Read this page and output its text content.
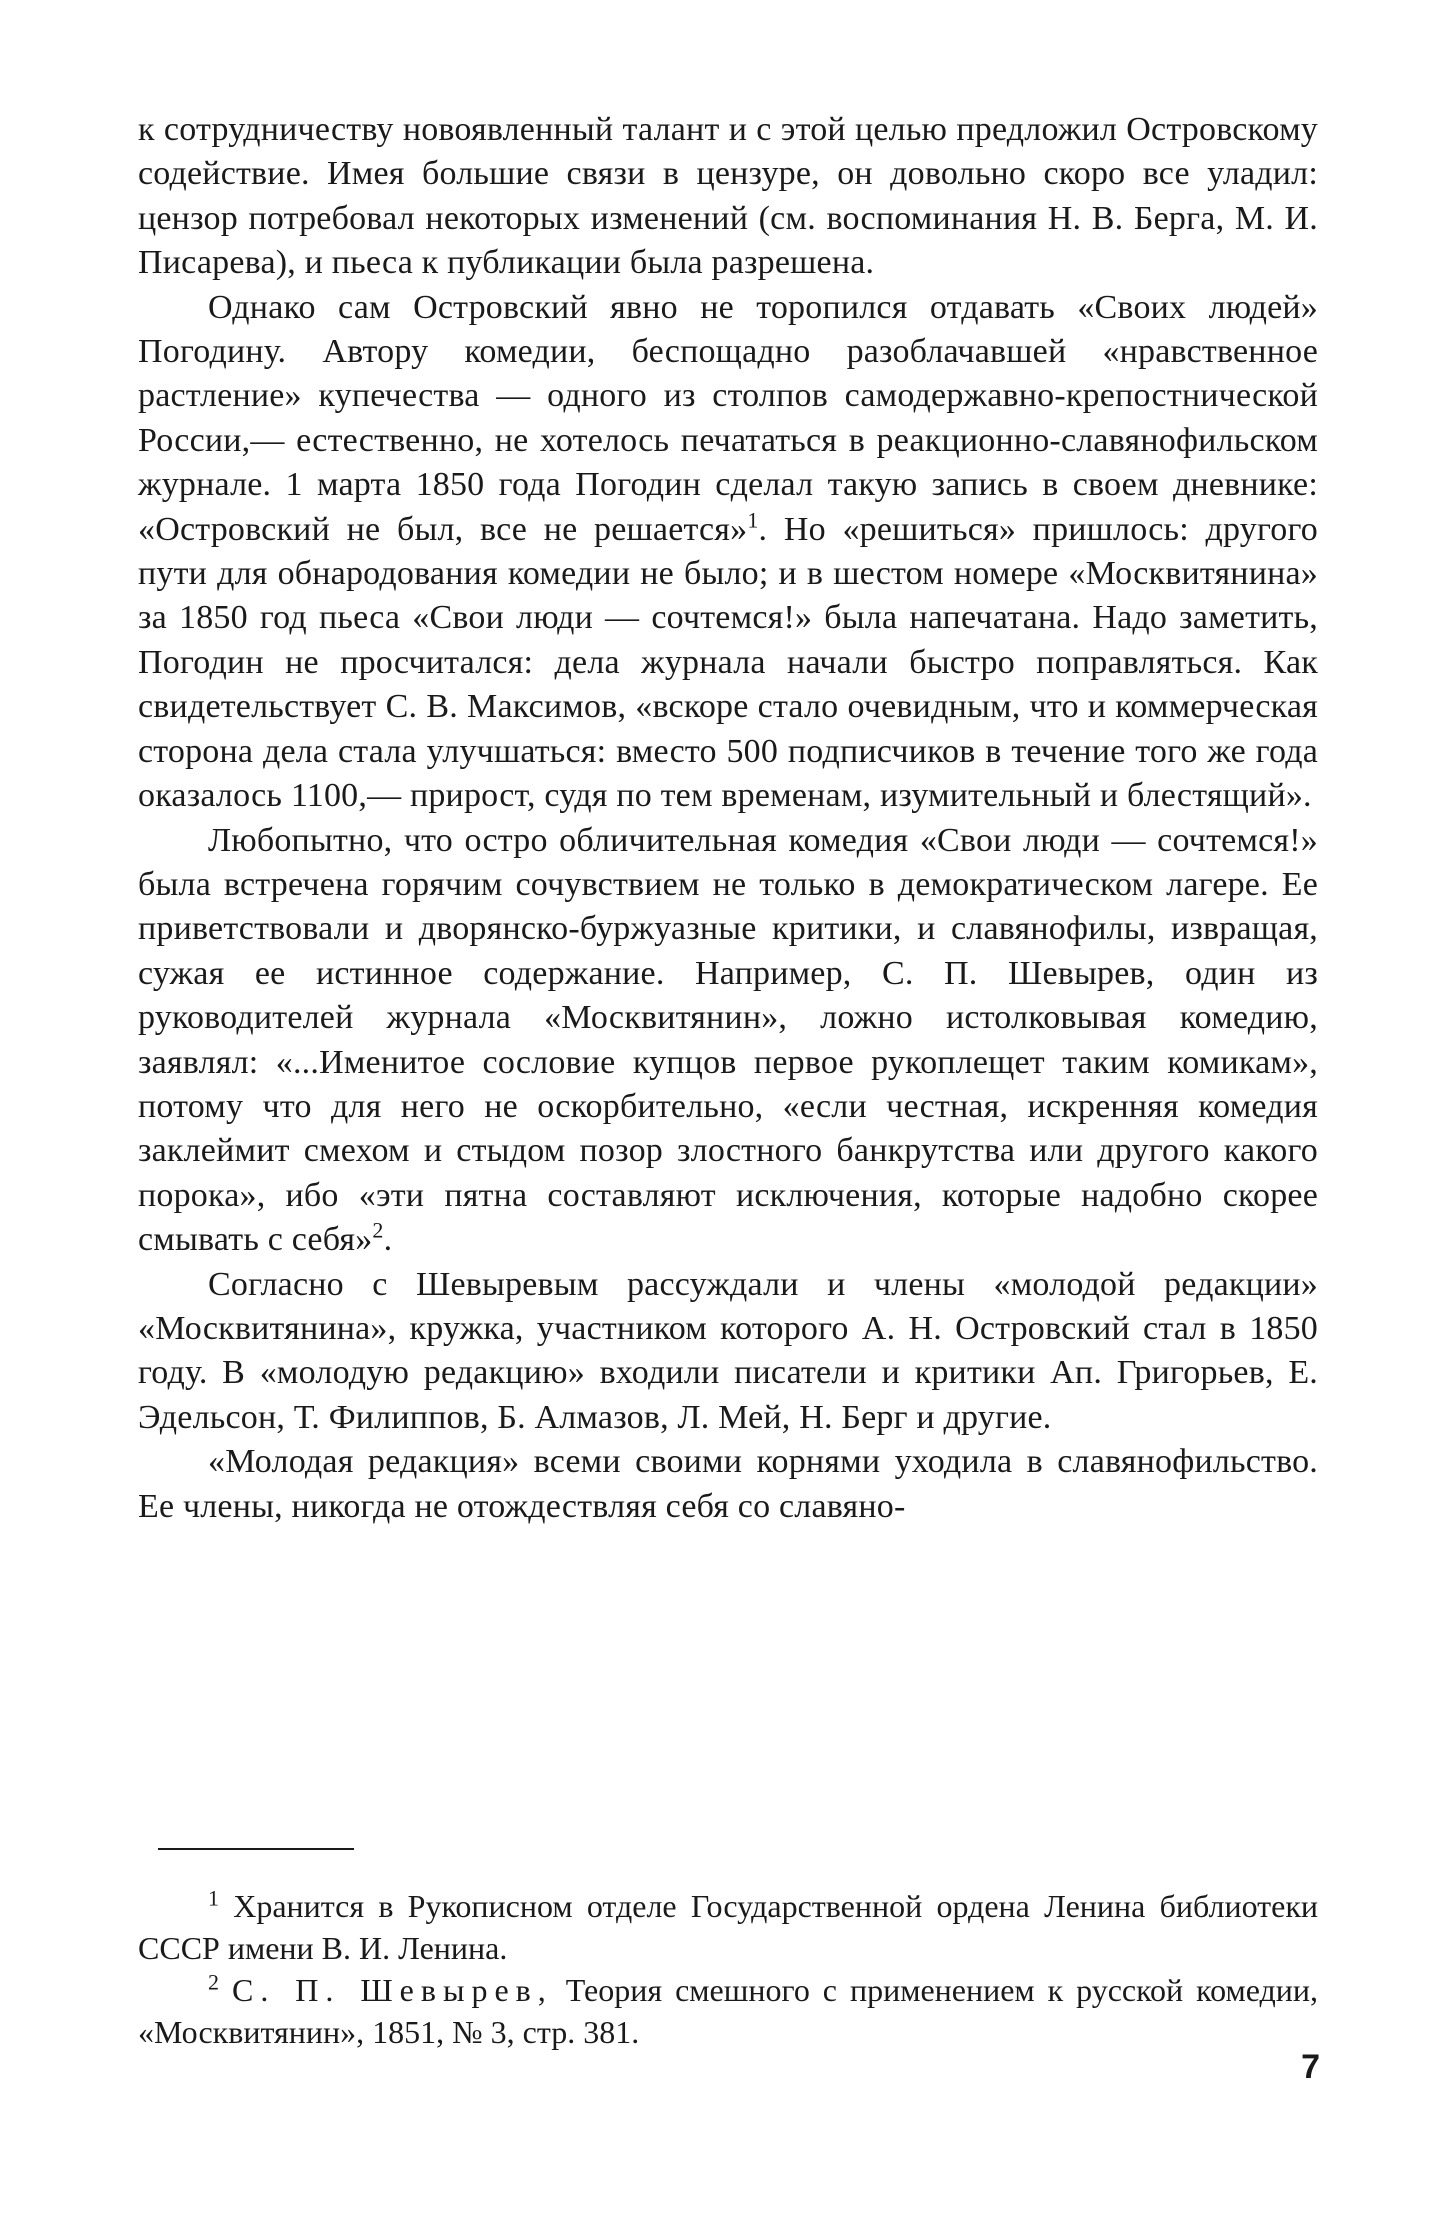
к сотрудничеству новоявленный талант и с этой целью предложил Островскому содействие. Имея большие связи в цензуре, он довольно скоро все уладил: цензор потребовал некоторых изменений (см. воспоминания Н. В. Берга, М. И. Писарева), и пьеса к публикации была разрешена.

Однако сам Островский явно не торопился отдавать «Своих людей» Погодину. Автору комедии, беспощадно разоблачавшей «нравственное растление» купечества — одного из столпов самодержавно-крепостнической России,— естественно, не хотелось печататься в реакционно-славянофильском журнале. 1 марта 1850 года Погодин сделал такую запись в своем дневнике: «Островский не был, все не решается»$^1$. Но «решиться» пришлось: другого пути для обнародования комедии не было; и в шестом номере «Москвитянина» за 1850 год пьеса «Свои люди — сочтемся!» была напечатана. Надо заметить, Погодин не просчитался: дела журнала начали быстро поправляться. Как свидетельствует С. В. Максимов, «вскоре стало очевидным, что и коммерческая сторона дела стала улучшаться: вместо 500 подписчиков в течение того же года оказалось 1100,— прирост, судя по тем временам, изумительный и блестящий».

Любопытно, что остро обличительная комедия «Свои люди — сочтемся!» была встречена горячим сочувствием не только в демократическом лагере. Ее приветствовали и дворянско-буржуазные критики, и славянофилы, извращая, сужая ее истинное содержание. Например, С. П. Шевырев, один из руководителей журнала «Москвитянин», ложно истолковывая комедию, заявлял: «...Именитое сословие купцов первое рукоплещет таким комикам», потому что для него не оскорбительно, «если честная, искренняя комедия заклеймит смехом и стыдом позор злостного банкрутства или другого какого порока», ибо «эти пятна составляют исключения, которые надобно скорее смывать с себя»$^2$.

Согласно с Шевыревым рассуждали и члены «молодой редакции» «Москвитянина», кружка, участником которого А. Н. Островский стал в 1850 году. В «молодую редакцию» входили писатели и критики Ап. Григорьев, Е. Эдельсон, Т. Филиппов, Б. Алмазов, Л. Мей, Н. Берг и другие.

«Молодая редакция» всеми своими корнями уходила в славянофильство. Ее члены, никогда не отождествляя себя со славяно-

$^1$ Хранится в Рукописном отделе Государственной ордена Ленина библиотеки СССР имени В. И. Ленина.

$^2$ С. П. Шевырев, Теория смешного с применением к русской комедии, «Москвитянин», 1851, № 3, стр. 381.

7
